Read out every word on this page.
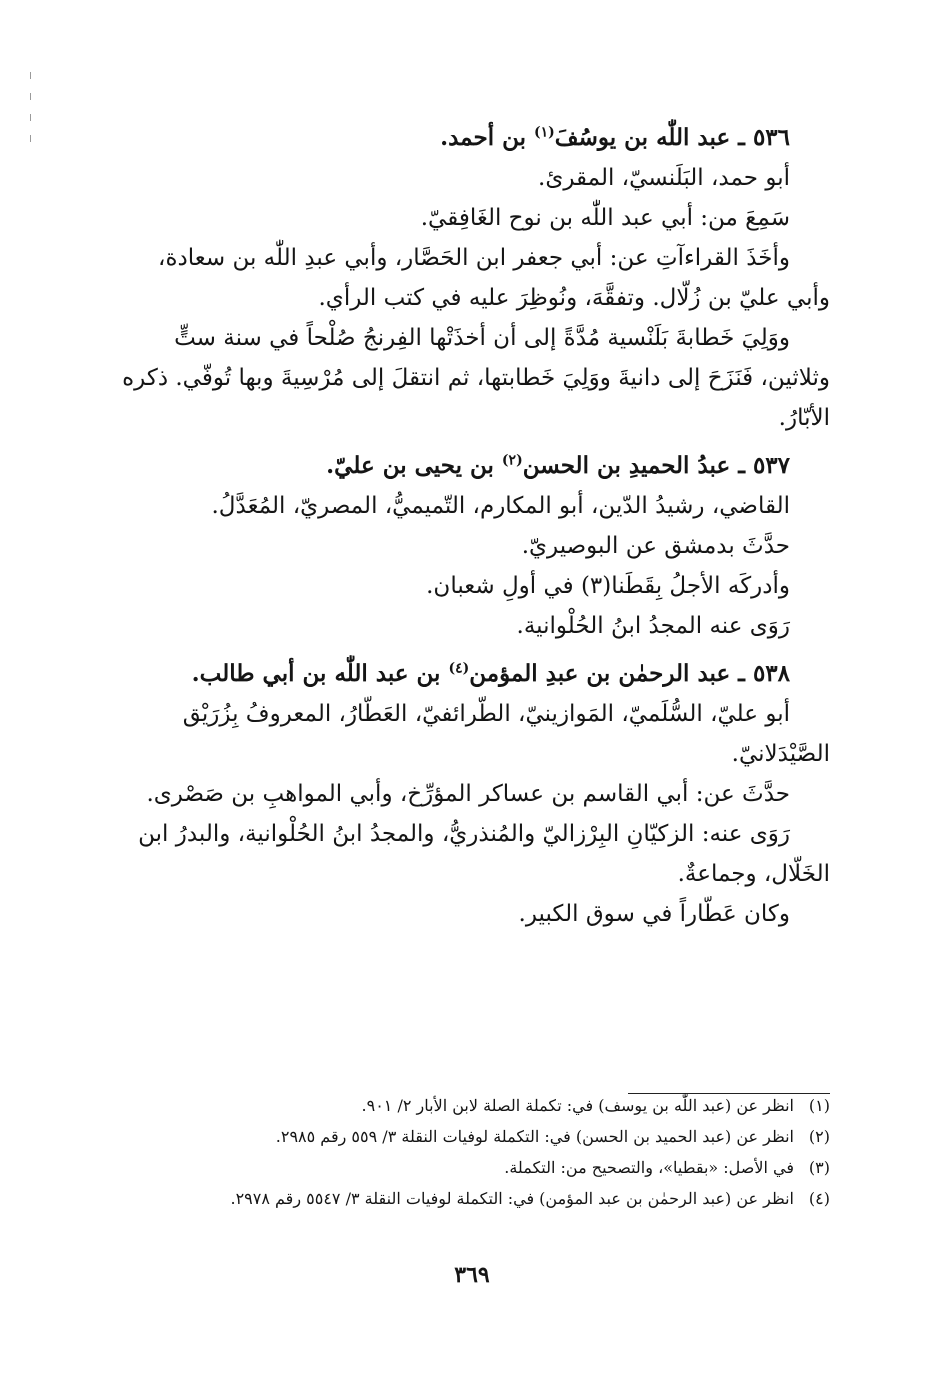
٥٣٦ ـ عبد اللّٰه بن يوسُفَ$^{(١)}$ بن أحمد.

أبو حمد، البَلَنسيّ، المقرئ.

سَمِعَ من: أبي عبد اللّٰه بن نوح الغَافِقيّ.

وأخَذَ القراءآتِ عن: أبي جعفر ابن الحَصَّار، وأبي عبدِ اللّٰه بن سعادة،

وأبي عليّ بن زُلّال. وتفقَّهَ، ونُوظِرَ عليه في كتب الرأي.

ووَلِيَ خَطابةَ بَلَنْسية مُدَّةً إلى أن أخذَتْها الفِرنجُ صُلْحاً في سنة ستٍّ

وثلاثين، فَنَزَحَ إلى دانيةَ ووَلِيَ خَطابتها، ثم انتقلَ إلى مُرْسِيةَ وبها تُوفّي. ذكره

الأبّارُ.

٥٣٧ ـ عبدُ الحميدِ بن الحسن$^{(٢)}$ بن يحيى بن عليّ.

القاضي، رشيدُ الدّين، أبو المكارم، التّميميُّ، المصريّ، المُعَدَّلُ.

حدَّثَ بدمشق عن البوصيريّ.

وأدركَه الأجلُ بِقَطَنا(٣) في أولِ شعبان.

رَوَى عنه المجدُ ابنُ الحُلْوانية.

٥٣٨ ـ عبد الرحمٰن بن عبدِ المؤمن$^{(٤)}$ بن عبد اللّٰه بن أبي طالب.

أبو عليّ، السُّلَميّ، المَوازينيّ، الطّرائفيّ، العَطّارُ، المعروفُ بِزُرَيْق

الصَّيْدَلانيّ.

حدَّثَ عن: أبي القاسم بن عساكر المؤرِّخ، وأبي المواهبِ بن صَصْرى.

رَوَى عنه: الزكيّانِ البِرْزاليّ والمُنذريُّ، والمجدُ ابنُ الحُلْوانية، والبدرُ ابن

الخَلّال، وجماعةٌ.

وكان عَطّاراً في سوق الكبير.

(١)انظر عن (عبد اللّٰه بن يوسف) في: تكملة الصلة لابن الأبار ٢/ ٩٠١.
(٢)انظر عن (عبد الحميد بن الحسن) في: التكملة لوفيات النقلة ٣/ ٥٥٩ رقم ٢٩٨٥.
(٣)في الأصل: «بقطيا»، والتصحيح من: التكملة.
(٤)انظر عن (عبد الرحمٰن بن عبد المؤمن) في: التكملة لوفيات النقلة ٣/ ٥٥٤٧ رقم ٢٩٧٨.
٣٦٩
